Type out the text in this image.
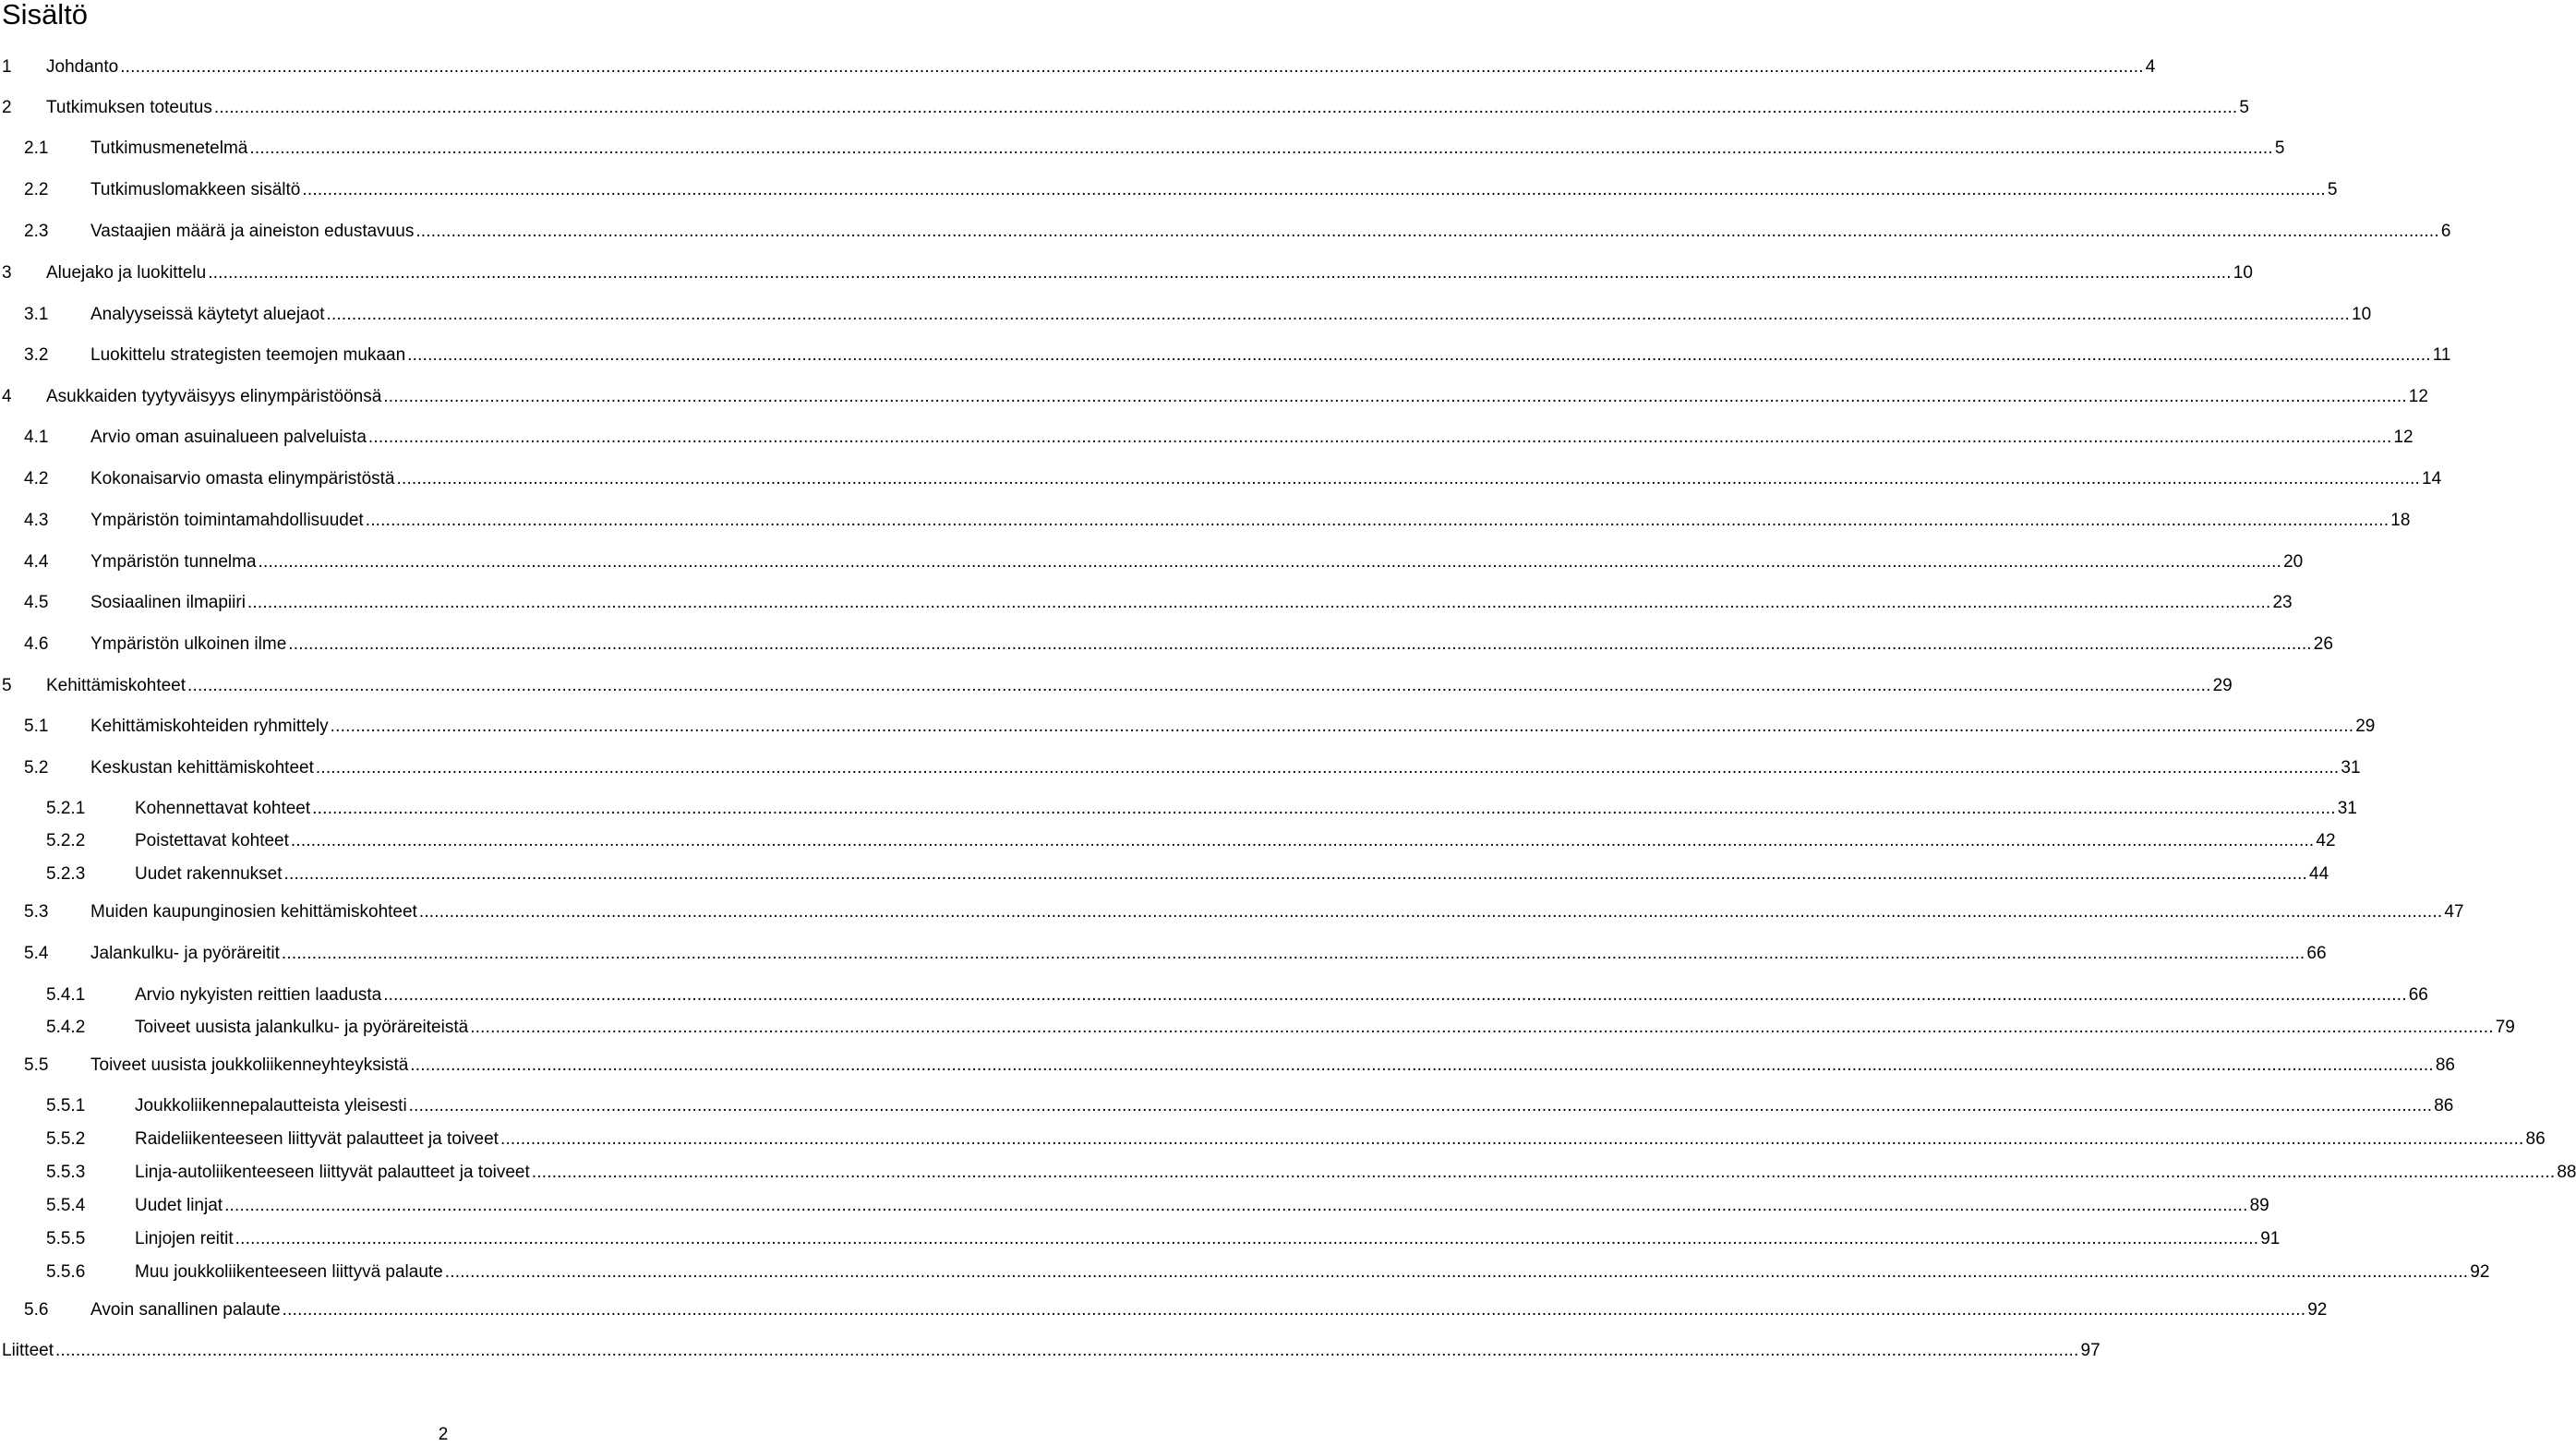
Sisältö
1 Johdanto ................................................................................................................................................................................................................................................................................................................................................................................................................ 4
2 Tutkimuksen toteutus ................................................................................................................................................................................................................................................................................................................................................................................................................ 5
2.1 Tutkimusmenetelmä ................................................................................................................................................................................................................................................................................................................................................................................................................ 5
2.2 Tutkimuslomakkeen sisältö ................................................................................................................................................................................................................................................................................................................................................................................................................ 5
2.3 Vastaajien määrä ja aineiston edustavuus ................................................................................................................................................................................................................................................................................................................................................................................................................ 6
3 Aluejako ja luokittelu ................................................................................................................................................................................................................................................................................................................................................................................................................ 10
3.1 Analyyseissä käytetyt aluejaot ................................................................................................................................................................................................................................................................................................................................................................................................................ 10
3.2 Luokittelu strategisten teemojen mukaan ................................................................................................................................................................................................................................................................................................................................................................................................................ 11
4 Asukkaiden tyytyväisyys elinympäristöönsä ................................................................................................................................................................................................................................................................................................................................................................................................................ 12
4.1 Arvio oman asuinalueen palveluista ................................................................................................................................................................................................................................................................................................................................................................................................................ 12
4.2 Kokonaisarvio omasta elinympäristöstä ................................................................................................................................................................................................................................................................................................................................................................................................................ 14
4.3 Ympäristön toimintamahdollisuudet ................................................................................................................................................................................................................................................................................................................................................................................................................ 18
4.4 Ympäristön tunnelma ................................................................................................................................................................................................................................................................................................................................................................................................................ 20
4.5 Sosiaalinen ilmapiiri ................................................................................................................................................................................................................................................................................................................................................................................................................ 23
4.6 Ympäristön ulkoinen ilme ................................................................................................................................................................................................................................................................................................................................................................................................................ 26
5 Kehittämiskohteet ................................................................................................................................................................................................................................................................................................................................................................................................................ 29
5.1 Kehittämiskohteiden ryhmittely ................................................................................................................................................................................................................................................................................................................................................................................................................ 29
5.2 Keskustan kehittämiskohteet ................................................................................................................................................................................................................................................................................................................................................................................................................ 31
5.2.1	Kohennettavat kohteet ................................................................................................................................................................................................................................................................................................................................................................................................................ 31
5.2.2	Poistettavat kohteet ................................................................................................................................................................................................................................................................................................................................................................................................................ 42
5.2.3	Uudet rakennukset ................................................................................................................................................................................................................................................................................................................................................................................................................ 44
5.3 Muiden kaupunginosien kehittämiskohteet ................................................................................................................................................................................................................................................................................................................................................................................................................ 47
5.4 Jalankulku- ja pyöräreitit ................................................................................................................................................................................................................................................................................................................................................................................................................ 66
5.4.1	Arvio nykyisten reittien laadusta ................................................................................................................................................................................................................................................................................................................................................................................................................ 66
5.4.2	Toiveet uusista jalankulku- ja pyöräreiteistä ................................................................................................................................................................................................................................................................................................................................................................................................................ 79
5.5 Toiveet uusista joukkoliikenneyhteyksistä ................................................................................................................................................................................................................................................................................................................................................................................................................ 86
5.5.1	Joukkoliikennepalautteista yleisesti ................................................................................................................................................................................................................................................................................................................................................................................................................ 86
5.5.2	Raideliikenteeseen liittyvät palautteet ja toiveet ................................................................................................................................................................................................................................................................................................................................................................................................................ 86
5.5.3	Linja-autoliikenteeseen liittyvät palautteet ja toiveet ................................................................................................................................................................................................................................................................................................................................................................................................................ 88
5.5.4	Uudet linjat ................................................................................................................................................................................................................................................................................................................................................................................................................ 89
5.5.5	Linjojen reitit ................................................................................................................................................................................................................................................................................................................................................................................................................ 91
5.5.6	Muu joukkoliikenteeseen liittyvä palaute ................................................................................................................................................................................................................................................................................................................................................................................................................ 92
5.6 Avoin sanallinen palaute ................................................................................................................................................................................................................................................................................................................................................................................................................ 92
Liitteet ................................................................................................................................................................................................................................................................................................................................................................................................................ 97
2
